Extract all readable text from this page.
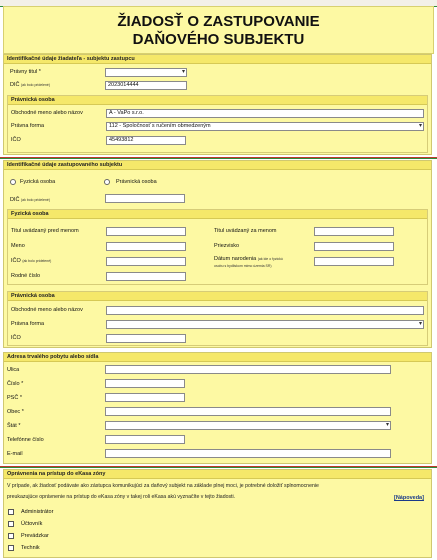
ŽIADOSŤ O ZASTUPOVANIE
DAŇOVÉHO SUBJEKTU
Identifikačné údaje žiadateľa - subjektu zastupcu
Právny titul *
▾
DIČ (ak bolo pridelené)	2023014444
Právnická osoba
Obchodné meno alebo názov	A - VaPo s.r.o.
Právna forma	112 - Spoločnosť s ručením obmedzeným ▾
IČO	45493812
Identifikačné údaje zastupovaného subjektu
Fyzická osoba	Právnická osoba
DIČ (ak bolo pridelené)
Fyzická osoba
Titul uvádzaný pred menom	Titul uvádzaný za menom
Meno	Priezvisko
IČO (ak bolo pridelené)	Dátum narodenia (ak ide o fyzickú
osobu s bydliskom mimo územia SR)
Rodné číslo
Právnická osoba
Obchodné meno alebo názov
Právna forma
▾
IČO
Adresa trvalého pobytu alebo sídla
Ulica
Číslo *
PSČ *
Obec *
Štát *
▾
Telefónne číslo
E-mail
Oprávnenia na prístup do eKasa zóny
V prípade, ak žiadosť podávate ako zástupca komunikujúci za daňový subjekt na základe plnej moci, je potrebné doložiť splnomocnenie
preukazujúce oprávnenie na prístup do eKasa zóny v takej roli eKasa akú vyznačíte v tejto žiadosti.	[Nápoveda]
Administrátor
Účtovník
Prevádzkar
Technik
